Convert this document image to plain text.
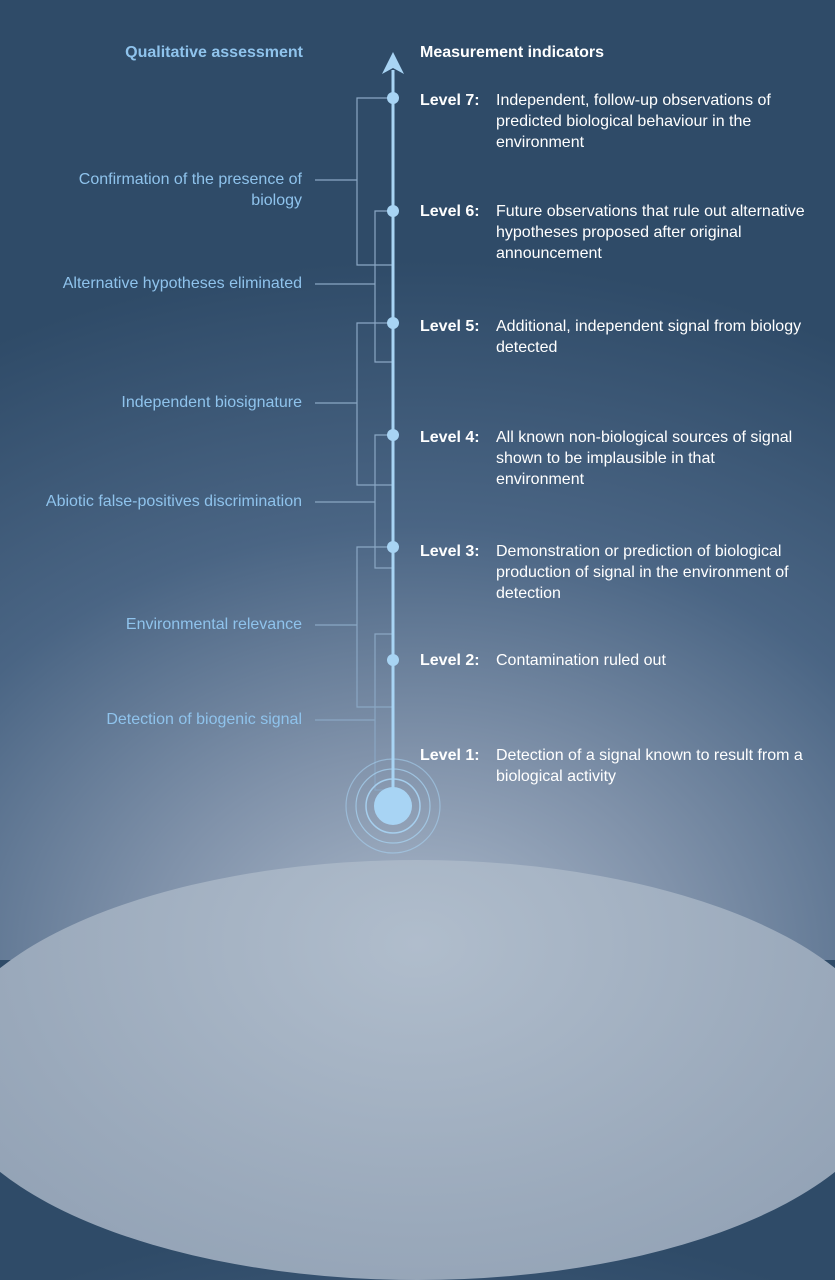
Qualitative assessment	Measurement indicators
Confirmation of the presence of biology
Alternative hypotheses eliminated
Independent biosignature
Abiotic false-positives discrimination
Environmental relevance
Detection of biogenic signal
Level 7: Independent, follow-up observations of predicted biological behaviour in the environment
Level 6: Future observations that rule out alternative hypotheses proposed after original announcement
Level 5: Additional, independent signal from biology detected
Level 4: All known non-biological sources of signal shown to be implausible in that environment
Level 3: Demonstration or prediction of biological production of signal in the environment of detection
Level 2: Contamination ruled out
Level 1: Detection of a signal known to result from a biological activity
